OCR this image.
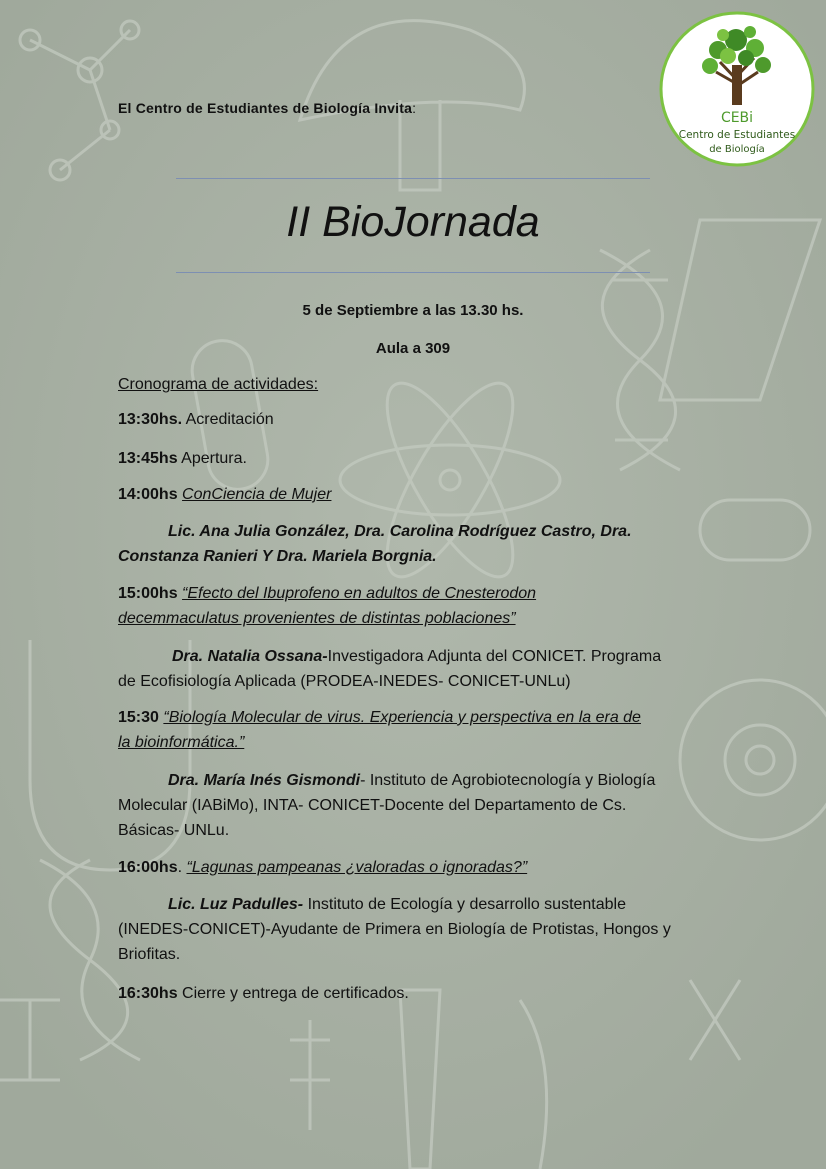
CEBi
Centro de Estudiantes
de Biología
El Centro de Estudiantes de Biología Invita:
II BioJornada
5 de Septiembre a las 13.30 hs.
Aula a 309
Cronograma de actividades:
13:30hs. Acreditación
13:45hs Apertura.
14:00hs ConCiencia de Mujer
Lic. Ana Julia González, Dra. Carolina Rodríguez Castro, Dra.
Constanza Ranieri Y Dra. Mariela Borgnia.
15:00hs “Efecto del Ibuprofeno en adultos de Cnesterodon
decemmaculatus provenientes de distintas poblaciones”
Dra. Natalia Ossana-Investigadora Adjunta del CONICET. Programa
de Ecofisiología Aplicada (PRODEA-INEDES- CONICET-UNLu)
15:30 “Biología Molecular de virus. Experiencia y perspectiva en la era de
la bioinformática.”
Dra. María Inés Gismondi- Instituto de Agrobiotecnología y Biología
Molecular (IABiMo), INTA- CONICET-Docente del Departamento de Cs.
Básicas- UNLu.
16:00hs. “Lagunas pampeanas ¿valoradas o ignoradas?”
Lic. Luz Padulles- Instituto de Ecología y desarrollo sustentable
(INEDES-CONICET)-Ayudante de Primera en Biología de Protistas, Hongos y
Briofitas.
16:30hs Cierre y entrega de certificados.
